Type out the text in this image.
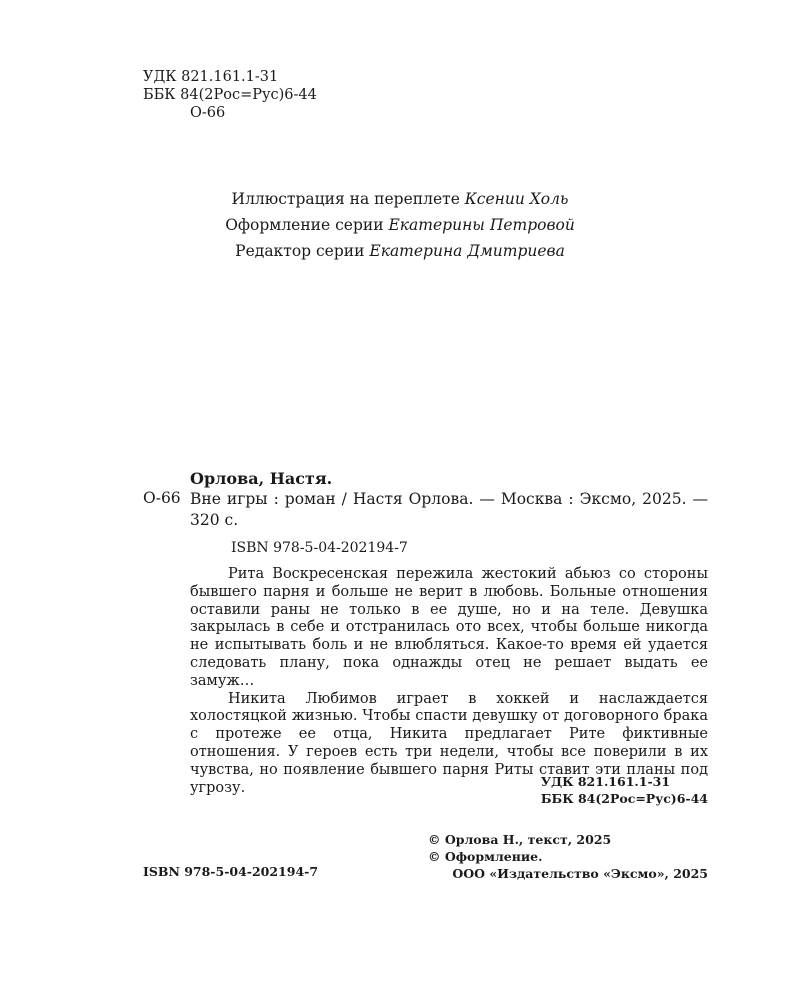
УДК 821.161.1-31
ББК 84(2Рос=Рус)6-44
О-66
Иллюстрация на переплете Ксении Холь
Оформление серии Екатерины Петровой
Редактор серии Екатерина Дмитриева
Орлова, Настя.
О-66 Вне игры : роман / Настя Орлова. — Москва : Эксмо, 2025. — 320 с.
ISBN 978-5-04-202194-7

Рита Воскресенская пережила жестокий абьюз со стороны бывшего парня и больше не верит в любовь. Больные отношения оставили раны не только в ее душе, но и на теле. Девушка закрылась в себе и отстранилась ото всех, чтобы больше никогда не испытывать боль и не влюбляться. Какое-то время ей удается следовать плану, пока однажды отец не решает выдать ее замуж…

Никита Любимов играет в хоккей и наслаждается холостяцкой жизнью. Чтобы спасти девушку от договорного брака с протеже ее отца, Никита предлагает Рите фиктивные отношения. У героев есть три недели, чтобы все поверили в их чувства, но появление бывшего парня Риты ставит эти планы под угрозу.	УДК 821.161.1-31
ББК 84(2Рос=Рус)6-44
© Орлова Н., текст, 2025
© Оформление.
ООО «Издательство «Эксмо», 2025
ISBN 978-5-04-202194-7
